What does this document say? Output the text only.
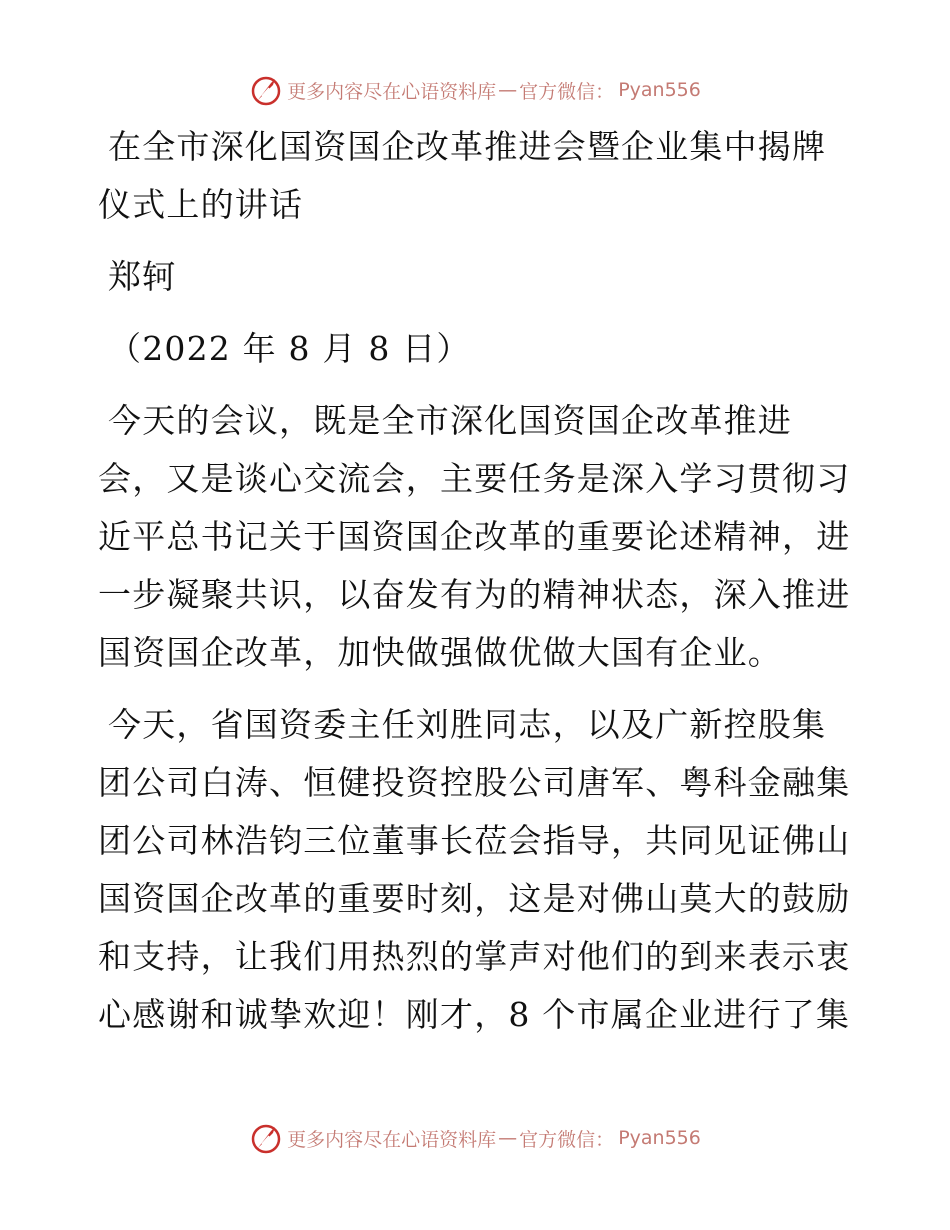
更多内容尽在心语资料库 — 官方微信： Pyan556

在全市深化国资国企改革推进会暨企业集中揭牌仪式上的讲话

郑轲

（2022 年 8 月 8 日）

今天的会议，既是全市深化国资国企改革推进会，又是谈心交流会，主要任务是深入学习贯彻习近平总书记关于国资国企改革的重要论述精神，进一步凝聚共识，以奋发有为的精神状态，深入推进国资国企改革，加快做强做优做大国有企业。

今天，省国资委主任刘胜同志，以及广新控股集团公司白涛、恒健投资控股公司唐军、粤科金融集团公司林浩钧三位董事长莅会指导，共同见证佛山国资国企改革的重要时刻，这是对佛山莫大的鼓励和支持，让我们用热烈的掌声对他们的到来表示衷心感谢和诚挚欢迎！刚才，8 个市属企业进行了集

更多内容尽在心语资料库 — 官方微信： Pyan556
